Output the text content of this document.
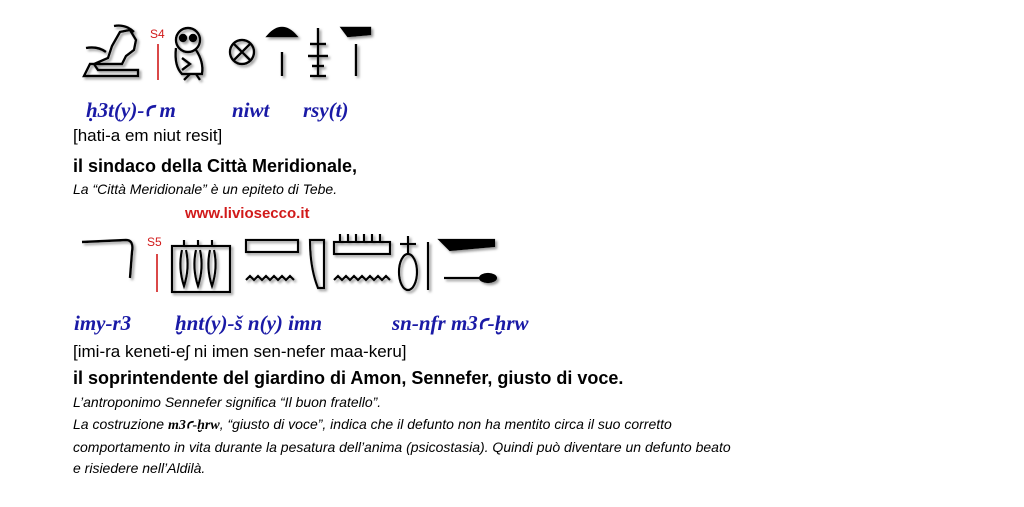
S4
ḥ3t(y)-ꜥ m	niwt rsy(t)
[hati-a em niut resit]
il sindaco della Città Meridionale,
La “Città Meridionale” è un epiteto di Tebe.
www.liviosecco.it
S5
imy-r3 ḫnt(y)-š n(y) imn	sn-nfr m3ꜥ-ḫrw
[imi-ra keneti-eʃ ni imen sen-nefer maa-keru]
il soprintendente del giardino di Amon, Sennefer, giusto di voce.
L’antroponimo Sennefer significa “Il buon fratello”.
La costruzione m3ꜥ-ḫrw, “giusto di voce”, indica che il defunto non ha mentito circa il suo corretto
comportamento in vita durante la pesatura dell’anima (psicostasia). Quindi può diventare un defunto beato
e risiedere nell’Aldilà.
